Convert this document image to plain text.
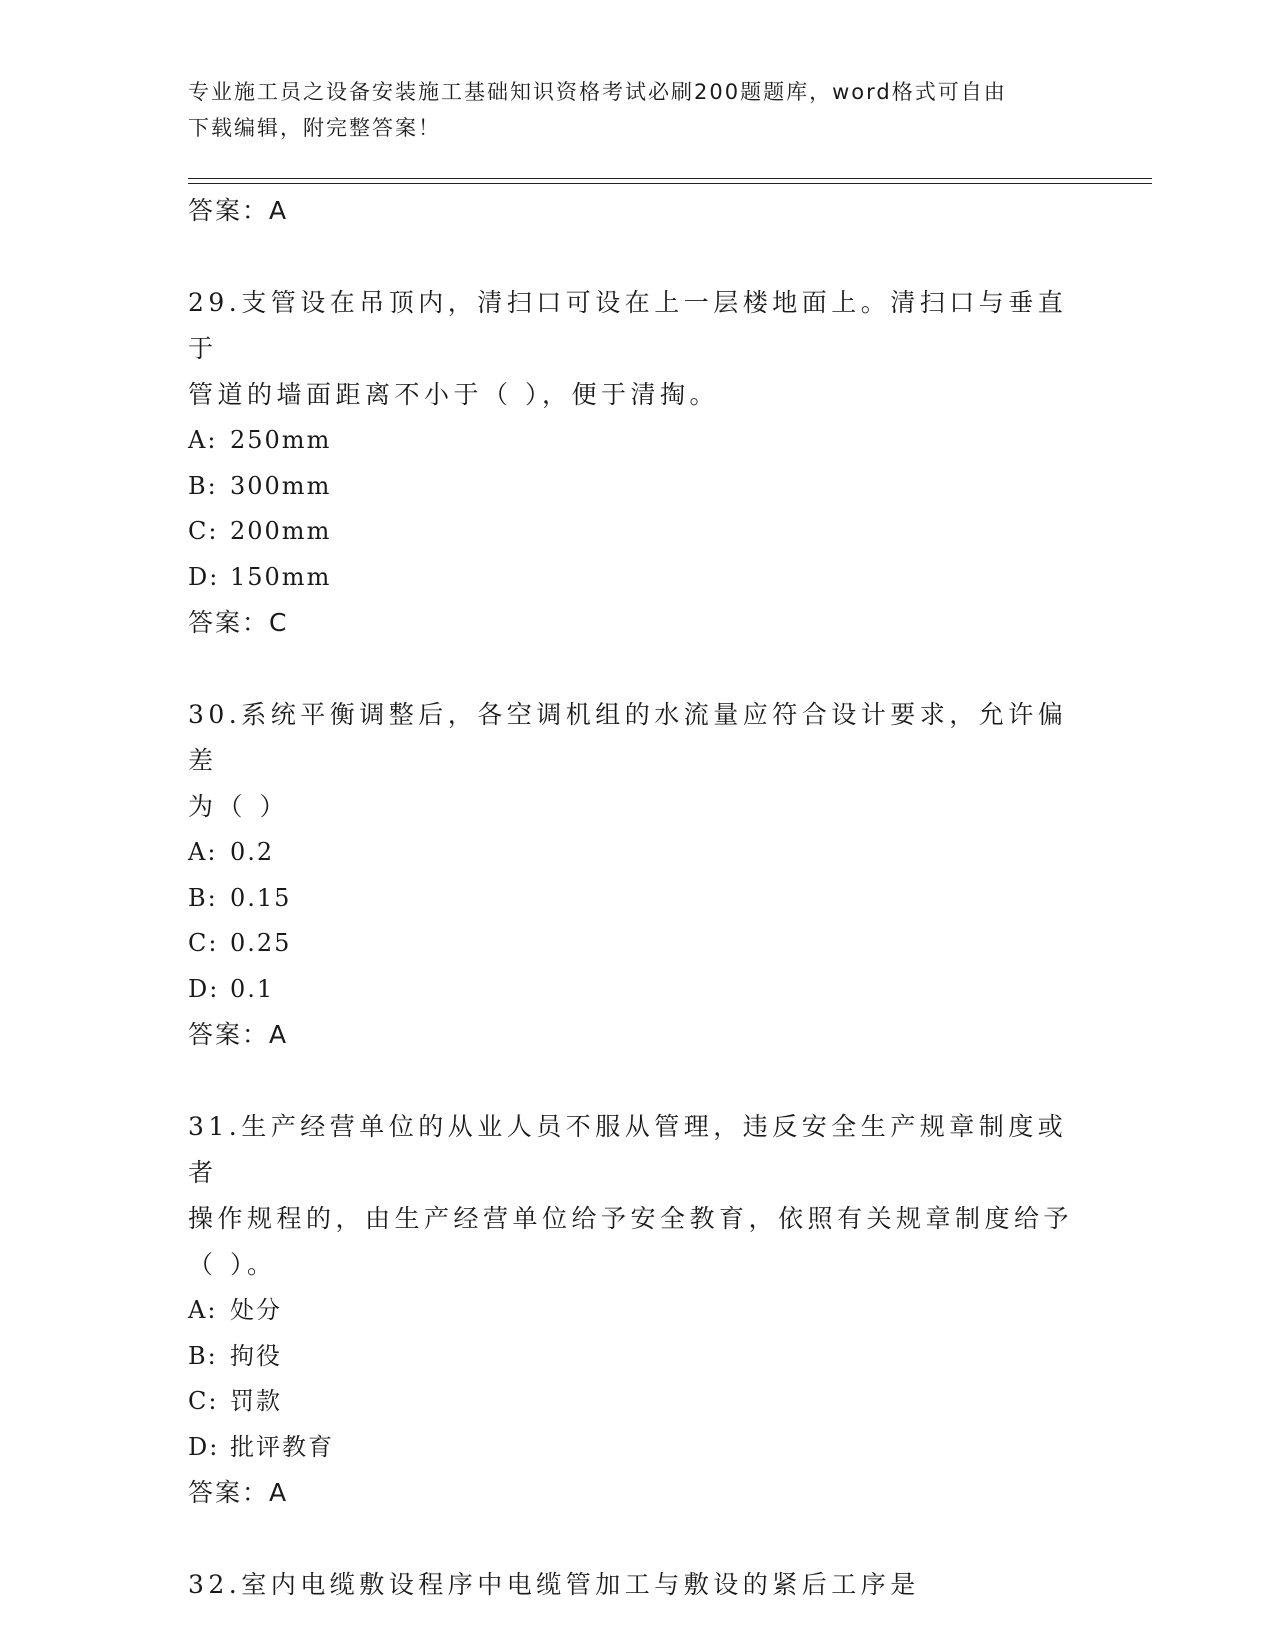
专业施工员之设备安装施工基础知识资格考试必刷200题题库，word格式可自由
下载编辑，附完整答案！
答案：A
29.支管设在吊顶内，清扫口可设在上一层楼地面上。清扫口与垂直于
管道的墙面距离不小于（ ），便于清掏。
A: 250mm
B: 300mm
C: 200mm
D: 150mm
答案：C
30.系统平衡调整后，各空调机组的水流量应符合设计要求，允许偏差
为（ ）
A: 0.2
B: 0.15
C: 0.25
D: 0.1
答案：A
31.生产经营单位的从业人员不服从管理，违反安全生产规章制度或者
操作规程的，由生产经营单位给予安全教育，依照有关规章制度给予
（ ）。
A: 处分
B: 拘役
C: 罚款
D: 批评教育
答案：A
32.室内电缆敷设程序中电缆管加工与敷设的紧后工序是
